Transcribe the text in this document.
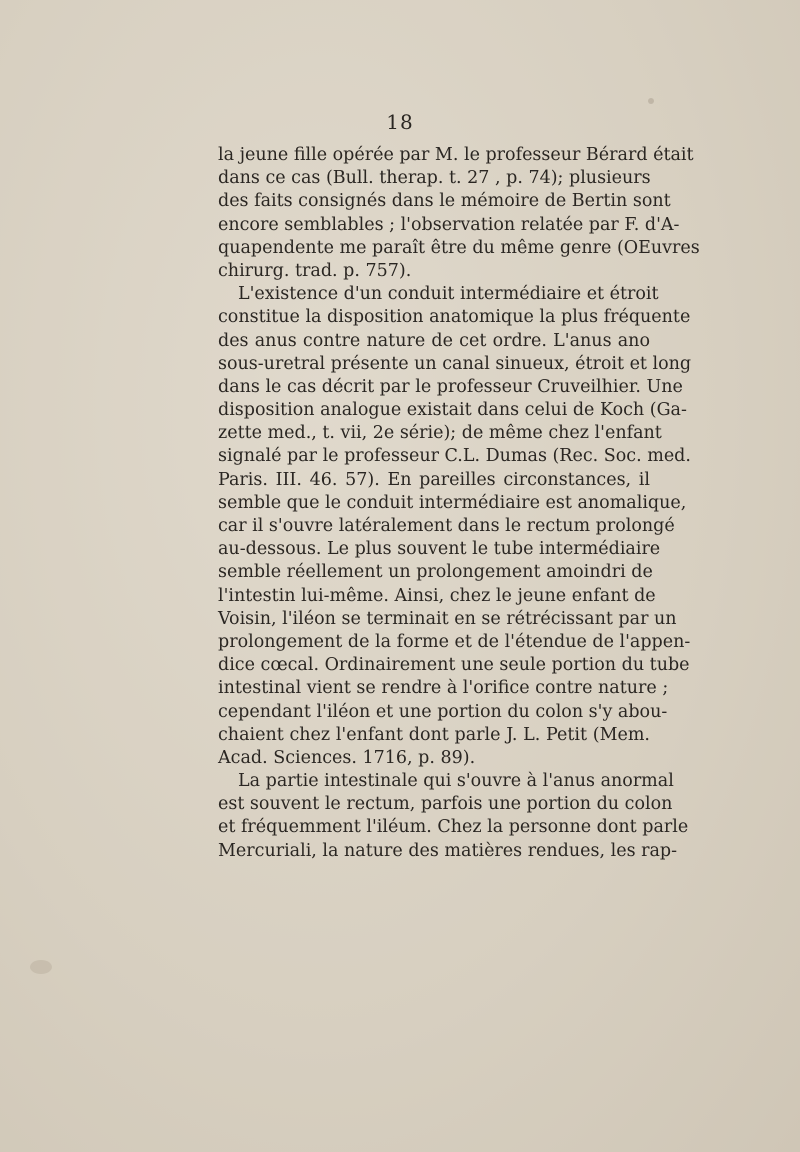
18
la jeune fille opérée par M. le professeur Bérard était
dans ce cas (Bull. therap. t. 27 , p. 74); plusieurs
des faits consignés dans le mémoire de Bertin sont
encore semblables ; l'observation relatée par F. d'A-
quapendente me paraît être du même genre (OEuvres
chirurg. trad. p. 757).
L'existence d'un conduit intermédiaire et étroit
constitue la disposition anatomique la plus fréquente
des anus contre nature de cet ordre. L'anus ano
sous-uretral présente un canal sinueux, étroit et long
dans le cas décrit par le professeur Cruveilhier. Une
disposition analogue existait dans celui de Koch (Ga-
zette med., t. vii, 2e série); de même chez l'enfant
signalé par le professeur C.L. Dumas (Rec. Soc. med.
Paris. III. 46. 57). En pareilles circonstances, il
semble que le conduit intermédiaire est anomalique,
car il s'ouvre latéralement dans le rectum prolongé
au-dessous. Le plus souvent le tube intermédiaire
semble réellement un prolongement amoindri de
l'intestin lui-même. Ainsi, chez le jeune enfant de
Voisin, l'iléon se terminait en se rétrécissant par un
prolongement de la forme et de l'étendue de l'appen-
dice cœcal. Ordinairement une seule portion du tube
intestinal vient se rendre à l'orifice contre nature ;
cependant l'iléon et une portion du colon s'y abou-
chaient chez l'enfant dont parle J. L. Petit (Mem.
Acad. Sciences. 1716, p. 89).
La partie intestinale qui s'ouvre à l'anus anormal
est souvent le rectum, parfois une portion du colon
et fréquemment l'iléum. Chez la personne dont parle
Mercuriali, la nature des matières rendues, les rap-
